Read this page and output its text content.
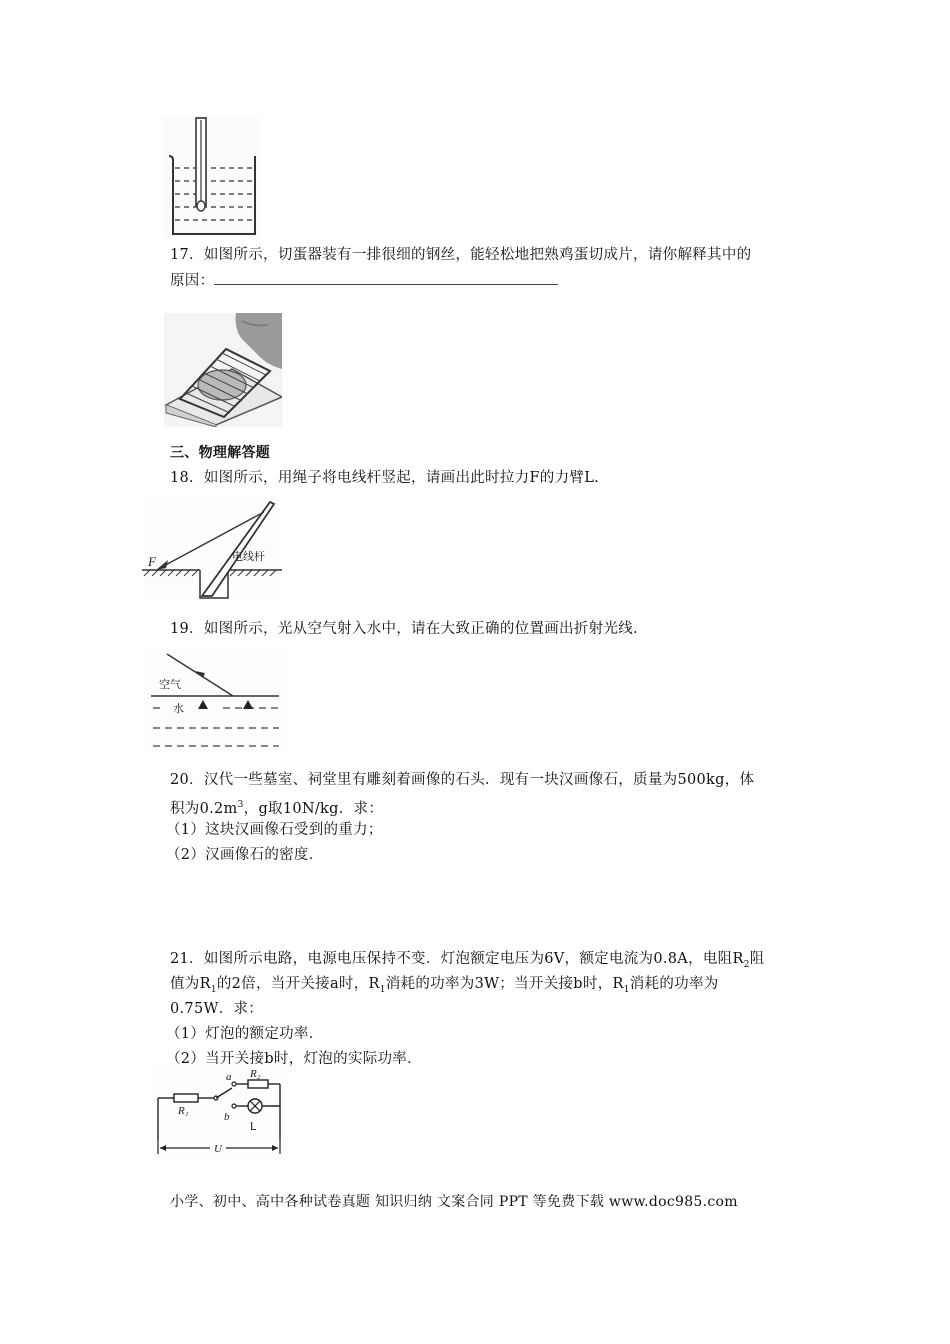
17．如图所示，切蛋器装有一排很细的钢丝，能轻松地把熟鸡蛋切成片，请你解释其中的
原因：
三、物理解答题
18．如图所示，用绳子将电线杆竖起，请画出此时拉力F的力臂L.
F	电线杆
19．如图所示，光从空气射入水中，请在大致正确的位置画出折射光线.
空气
水
20．汉代一些墓室、祠堂里有雕刻着画像的石头．现有一块汉画像石，质量为500kg，体
积为$0.2m^3$，g取10N/kg．求：
（1）这块汉画像石受到的重力；
（2）汉画像石的密度．
21．如图所示电路，电源电压保持不变．灯泡额定电压为6V，额定电流为0.8A，电阻$R_2$阻
值为$R_1$的2倍，当开关接a时，$R_1$消耗的功率为3W；当开关接b时，$R_1$消耗的功率为
0.75W．求：
（1）灯泡的额定功率．
（2）当开关接b时，灯泡的实际功率．
R₁
a
b
R₂
L
U
小学、初中、高中各种试卷真题 知识归纳 文案合同 PPT 等免费下载 www.doc985.com
